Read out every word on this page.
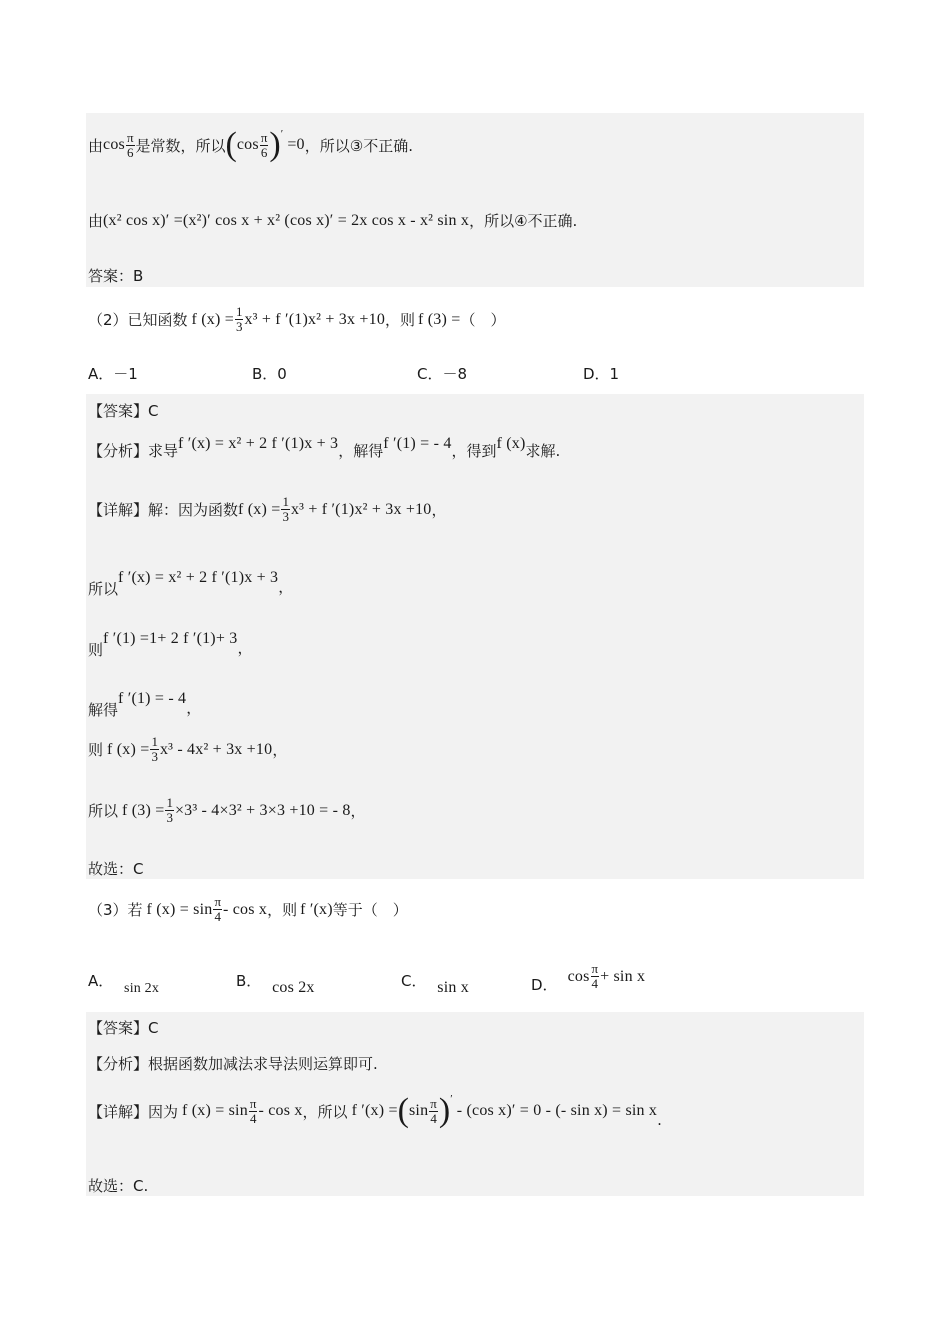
由 $\cos \frac{\pi}{6}$ 是常数，所以 ( $\cos \frac{\pi}{6}$ ) ′
=0 ，所以③不正确.
由 (x² cos x)′ =(x²)′ cos x + x² (cos x)′ = 2x cos x - x² sin x ，所以④不正确.
答案：B
（2）已知函数 f $(x) = \frac{1}{3} x^3 + f$ ′(1)x² + 3x +10 ，则 f (3) = （　）
A．－1	B．0	C．－8	D．1
【答案】C
【分析】求导 f ′(x) = x² + 2 f ′(1)x + 3 ，解得 f ′(1) = - 4 ，得到 f (x) 求解.
【详解】解：因为函数 f $(x) = \frac{1}{3} x^3 + f$ ′(1)x² + 3x +10 ，
所以
f ′(x) = x² + 2 f ′(1)x + 3
，
则
f ′(1) =1+ 2 f ′(1)+ 3
，
解得
f ′(1) = - 4
，
则 f $(x) = \frac{1}{3} x^3 - 4x^2 + 3x +10$ ，
所以 f $(3) = \frac{1}{3} \times 3^3 - 4\times 3^2 + 3\times 3 +10$ = - 8 ，
故选：C
（3）若 f $(x) = \sin \frac{\pi}{4} - \cos x$ ，则 f ′(x) 等于（　）
A． sin 2x	B． cos 2x	C． sin x	D． $\cos \frac{\pi}{4} + \sin x$
【答案】C
【分析】根据函数加减法求导法则运算即可.
【详解】因为 f $(x) = \sin \frac{\pi}{4} - \cos x$ ，所以 f ′(x) = ( $\sin \frac{\pi}{4}$ ) ′
- (cos x)′ = 0 - (- sin x) = sin x
.
故选：C.
